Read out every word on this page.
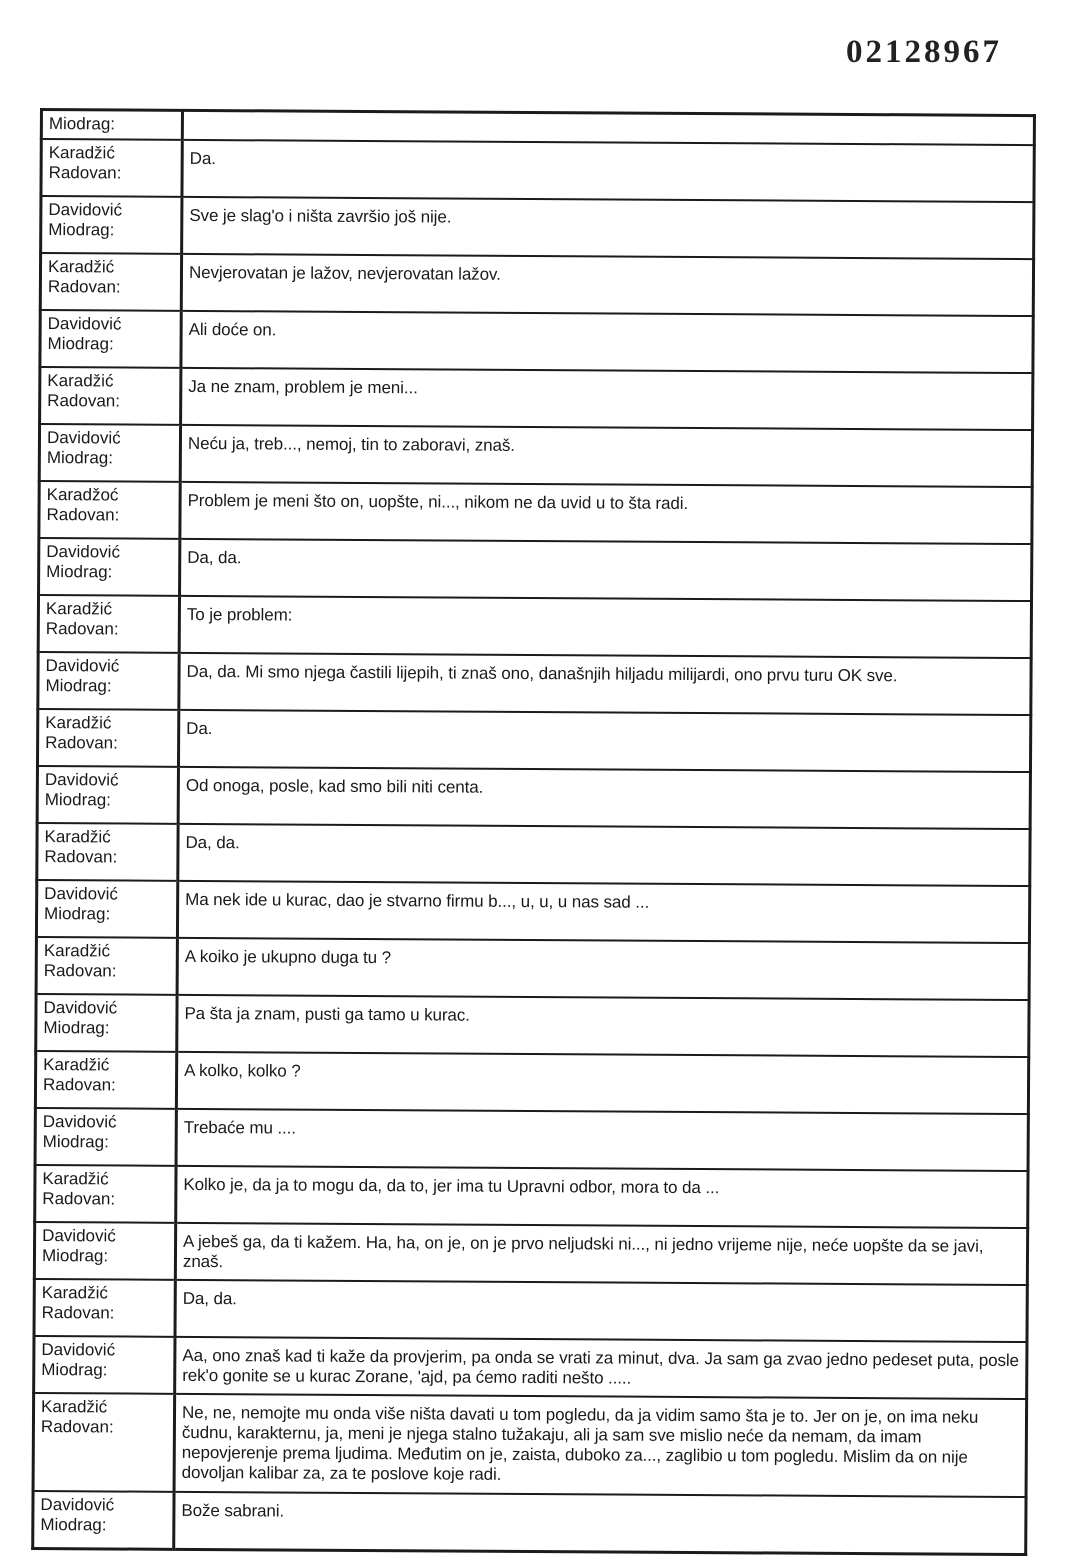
02128967
Miodrag:	

Karadžić
Radovan:	Da.

Davidović
Miodrag:	Sve je slag'o i ništa završio još nije.

Karadžić
Radovan:	Nevjerovatan je lažov, nevjerovatan lažov.

Davidović
Miodrag:	Ali doće on.

Karadžić
Radovan:	Ja ne znam, problem je meni...

Davidović
Miodrag:	Neću ja, treb..., nemoj, tin to zaboravi, znaš.

Karadžoć
Radovan:	Problem je meni što on, uopšte, ni..., nikom ne da uvid u to šta radi.

Davidović
Miodrag:	Da, da.

Karadžić
Radovan:	To je problem:

Davidović
Miodrag:	Da, da. Mi smo njega častili lijepih, ti znaš ono, današnjih hiljadu milijardi, ono prvu turu OK sve.

Karadžić
Radovan:	Da.

Davidović
Miodrag:	Od onoga, posle, kad smo bili niti centa.

Karadžić
Radovan:	Da, da.

Davidović
Miodrag:	Ma nek ide u kurac, dao je stvarno firmu b..., u, u, u nas sad ...

Karadžić
Radovan:	A koiko je ukupno duga tu ?

Davidović
Miodrag:	Pa šta ja znam, pusti ga tamo u kurac.

Karadžić
Radovan:	A kolko, kolko ?

Davidović
Miodrag:	Trebaće mu ....

Karadžić
Radovan:	Kolko je, da ja to mogu da, da to, jer ima tu Upravni odbor, mora to da ...

Davidović
Miodrag:	A jebeš ga, da ti kažem. Ha, ha, on je, on je prvo neljudski ni..., ni jedno vrijeme nije, neće uopšte da se javi, znaš.

Karadžić
Radovan:	Da, da.

Davidović
Miodrag:	Aa, ono znaš kad ti kaže da provjerim, pa onda se vrati za minut, dva. Ja sam ga zvao jedno pedeset puta, posle rek'o gonite se u kurac Zorane, 'ajd, pa ćemo raditi nešto .....

Karadžić
Radovan:	Ne, ne, nemojte mu onda više ništa davati u tom pogledu, da ja vidim samo šta je to. Jer on je, on ima neku čudnu, karakternu, ja, meni je njega stalno tužakaju, ali ja sam sve mislio neće da nemam, da imam nepovjerenje prema ljudima. Međutim on je, zaista, duboko za..., zaglibio u tom pogledu. Mislim da on nije dovoljan kalibar za, za te poslove koje radi.

Davidović
Miodrag:	Bože sabrani.
